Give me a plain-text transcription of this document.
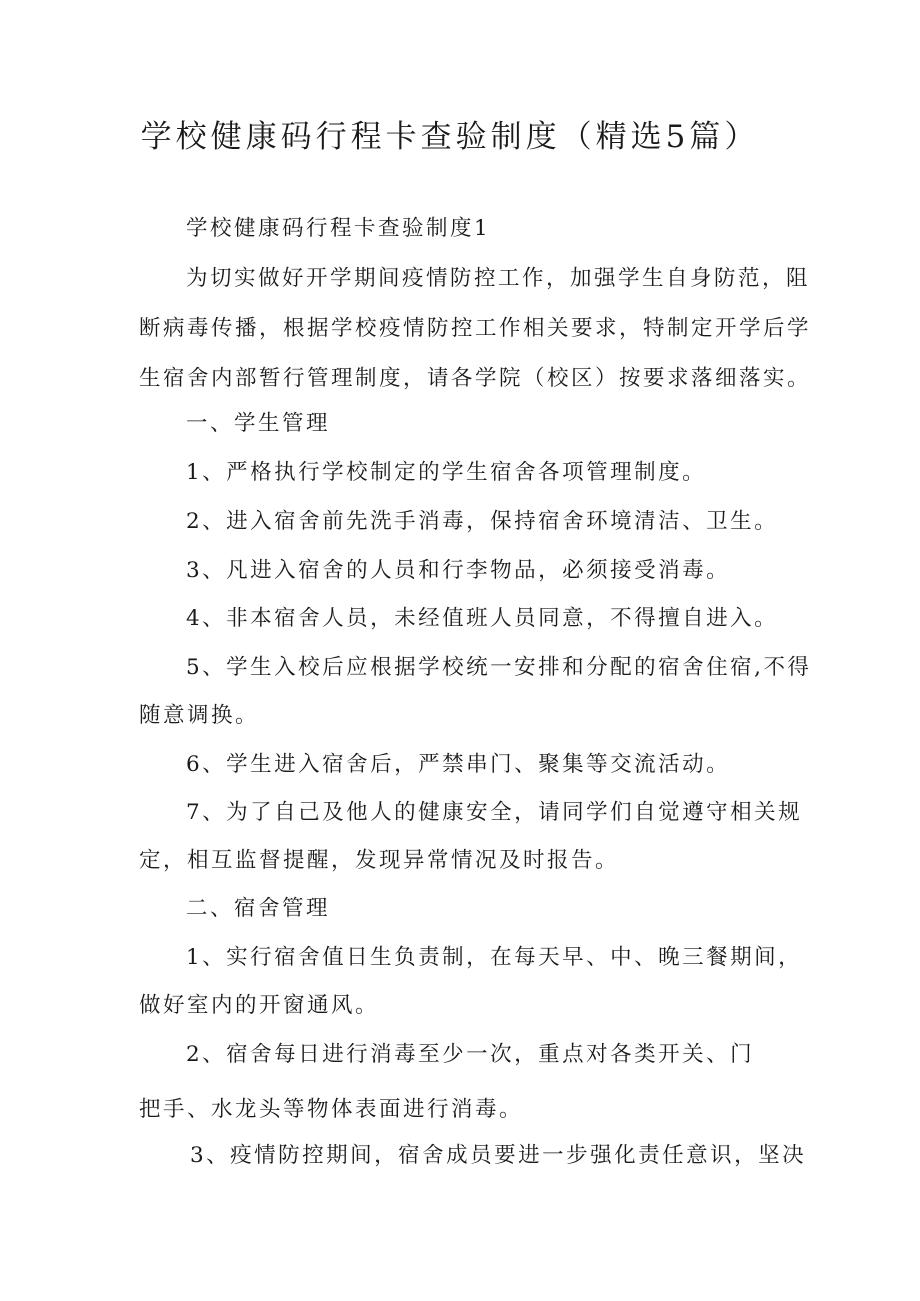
学校健康码行程卡查验制度（精选5篇）
学校健康码行程卡查验制度1
为切实做好开学期间疫情防控工作，加强学生自身防范，阻
断病毒传播，根据学校疫情防控工作相关要求，特制定开学后学
生宿舍内部暂行管理制度，请各学院（校区）按要求落细落实。
一、学生管理
1、严格执行学校制定的学生宿舍各项管理制度。
2、进入宿舍前先洗手消毒，保持宿舍环境清洁、卫生。
3、凡进入宿舍的人员和行李物品，必须接受消毒。
4、非本宿舍人员，未经值班人员同意，不得擅自进入。
5、学生入校后应根据学校统一安排和分配的宿舍住宿,不得
随意调换。
6、学生进入宿舍后，严禁串门、聚集等交流活动。
7、为了自己及他人的健康安全，请同学们自觉遵守相关规
定，相互监督提醒，发现异常情况及时报告。
二、宿舍管理
1、实行宿舍值日生负责制，在每天早、中、晚三餐期间，
做好室内的开窗通风。
2、宿舍每日进行消毒至少一次，重点对各类开关、门
把手、水龙头等物体表面进行消毒。
3、疫情防控期间，宿舍成员要进一步强化责任意识，坚决
